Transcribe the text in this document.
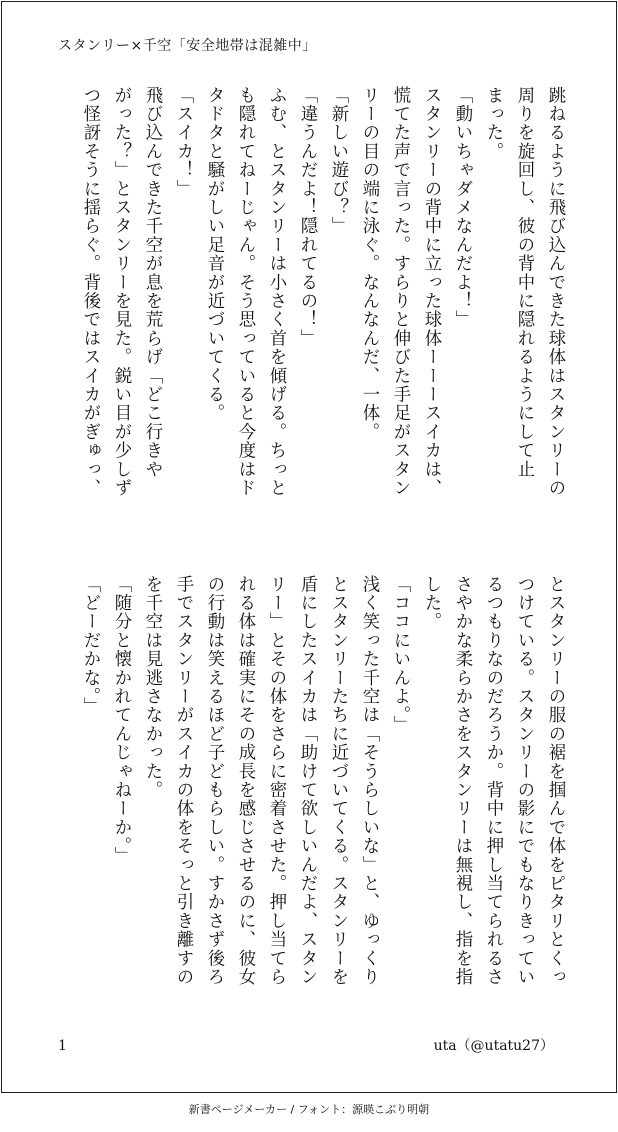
スタンリー×千空「安全地帯は混雑中」
跳ねるように飛び込んできた球体はスタンリーの
周りを旋回し、彼の背中に隠れるようにして止
まった。
「動いちゃダメなんだよ！」
スタンリーの背中に立った球体ーーースイカは、
慌てた声で言った。すらりと伸びた手足がスタン
リーの目の端に泳ぐ。なんなんだ、一体。
「新しい遊び？」
「違うんだよ！隠れてるの！」
ふむ、とスタンリーは小さく首を傾げる。ちっと
も隠れてねーじゃん。そう思っていると今度はド
タドタと騒がしい足音が近づいてくる。
「スイカ！」
飛び込んできた千空が息を荒らげ「どこ行きや
がった？」とスタンリーを見た。鋭い目が少しず
つ怪訝そうに揺らぐ。背後ではスイカがぎゅっ、
とスタンリーの服の裾を掴んで体をピタリとくっ
つけている。スタンリーの影にでもなりきってい
るつもりなのだろうか。背中に押し当てられるさ
さやかな柔らかさをスタンリーは無視し、指を指
した。
「ココにいんよ。」
浅く笑った千空は「そうらしいな」と、ゆっくり
とスタンリーたちに近づいてくる。スタンリーを
盾にしたスイカは「助けて欲しいんだよ、スタン
リー」とその体をさらに密着させた。押し当てら
れる体は確実にその成長を感じさせるのに、彼女
の行動は笑えるほど子どもらしい。すかさず後ろ
手でスタンリーがスイカの体をそっと引き離すの
を千空は見逃さなかった。
「随分と懐かれてんじゃねーか。」
「どーだかな。」
1	uta（@utatu27）
新書ページメーカー / フォント：源暎こぶり明朝
